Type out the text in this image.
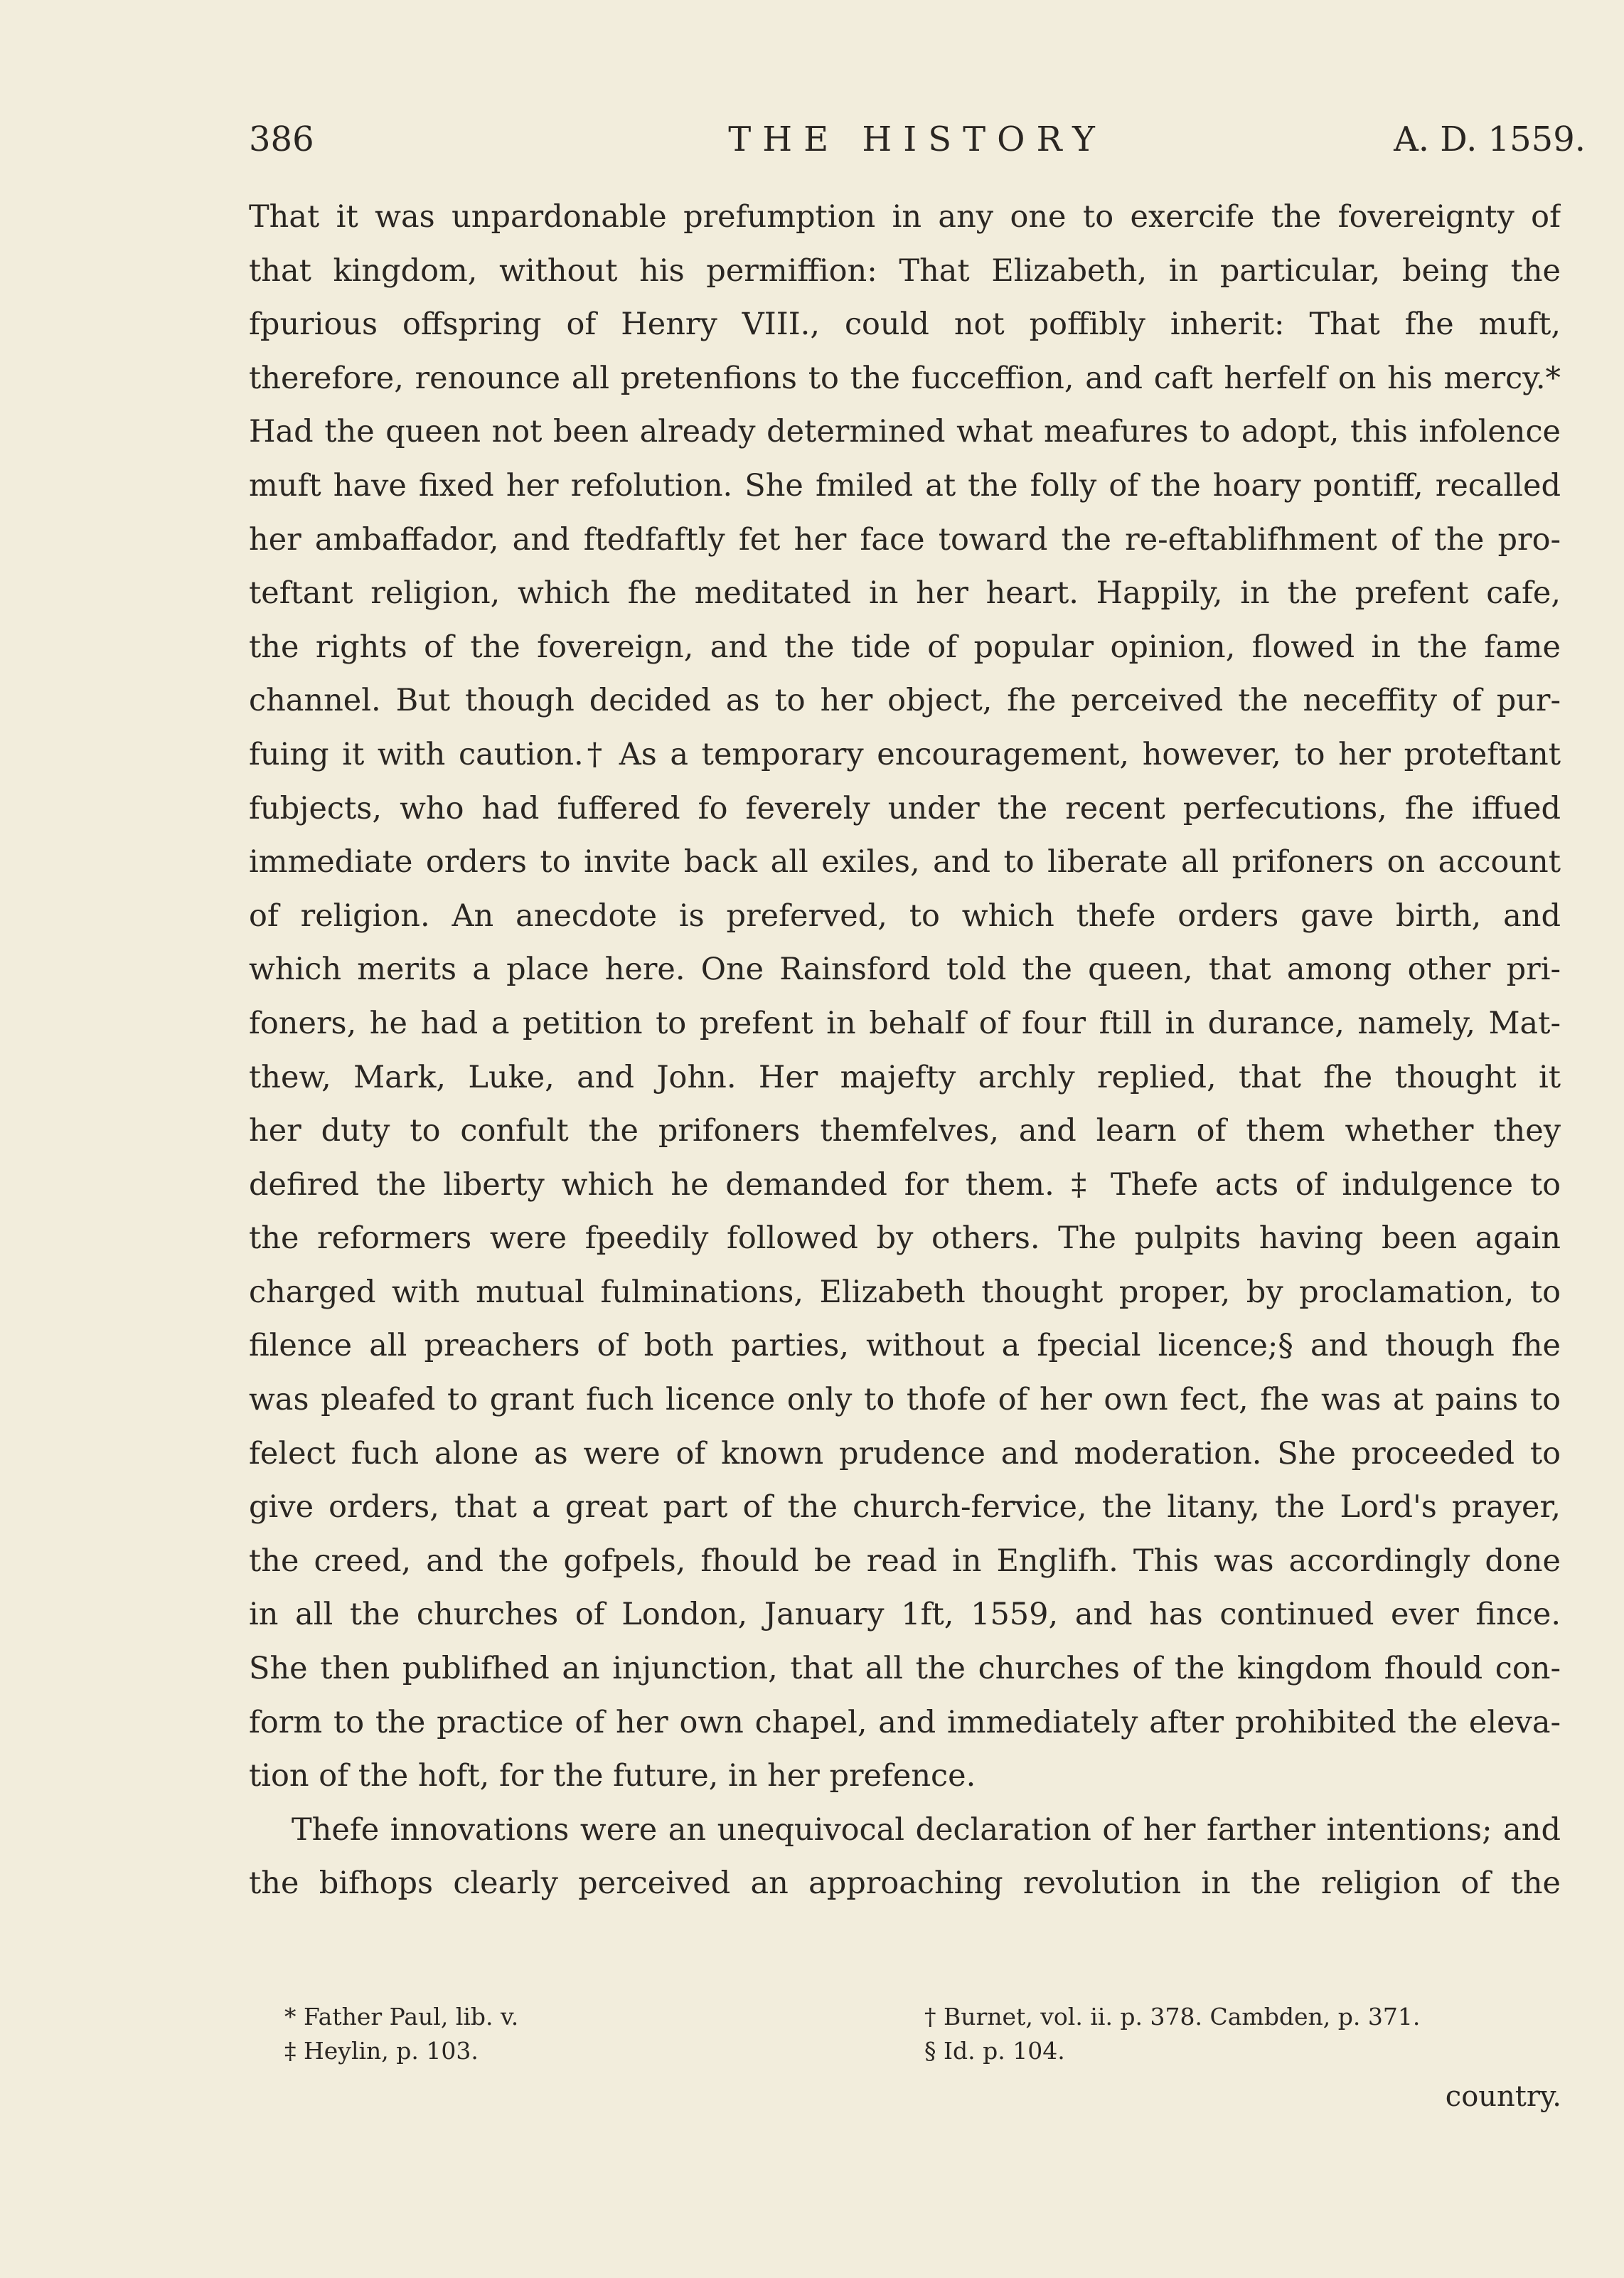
386	THE HISTORY	A. D. 1559.
That it was unpardonable prefumption in any one to exercife the fovereignty of
that kingdom, without his permiffion: That Elizabeth, in particular, being the
fpurious offspring of Henry VIII., could not poffibly inherit: That fhe muft,
therefore, renounce all pretenfions to the fucceffion, and caft herfelf on his mercy.*
Had the queen not been already determined what meafures to adopt, this infolence
muft have fixed her refolution. She fmiled at the folly of the hoary pontiff, recalled
her ambaffador, and ftedfaftly fet her face toward the re-eftablifhment of the pro-
teftant religion, which fhe meditated in her heart. Happily, in the prefent cafe,
the rights of the fovereign, and the tide of popular opinion, flowed in the fame
channel. But though decided as to her object, fhe perceived the neceffity of pur-
fuing it with caution.† As a temporary encouragement, however, to her proteftant
fubjects, who had fuffered fo feverely under the recent perfecutions, fhe iffued
immediate orders to invite back all exiles, and to liberate all prifoners on account
of religion. An anecdote is preferved, to which thefe orders gave birth, and
which merits a place here. One Rainsford told the queen, that among other pri-
foners, he had a petition to prefent in behalf of four ftill in durance, namely, Mat-
thew, Mark, Luke, and John. Her majefty archly replied, that fhe thought it
her duty to confult the prifoners themfelves, and learn of them whether they
defired the liberty which he demanded for them. ‡ Thefe acts of indulgence to
the reformers were fpeedily followed by others. The pulpits having been again
charged with mutual fulminations, Elizabeth thought proper, by proclamation, to
filence all preachers of both parties, without a fpecial licence;§ and though fhe
was pleafed to grant fuch licence only to thofe of her own fect, fhe was at pains to
felect fuch alone as were of known prudence and moderation. She proceeded to
give orders, that a great part of the church-fervice, the litany, the Lord's prayer,
the creed, and the gofpels, fhould be read in Englifh. This was accordingly done
in all the churches of London, January 1ft, 1559, and has continued ever fince.
She then publifhed an injunction, that all the churches of the kingdom fhould con-
form to the practice of her own chapel, and immediately after prohibited the eleva-
tion of the hoft, for the future, in her prefence.
Thefe innovations were an unequivocal declaration of her farther intentions; and
the bifhops clearly perceived an approaching revolution in the religion of the
* Father Paul, lib. v.	† Burnet, vol. ii. p. 378. Cambden, p. 371.
‡ Heylin, p. 103.	§ Id. p. 104.
country.
